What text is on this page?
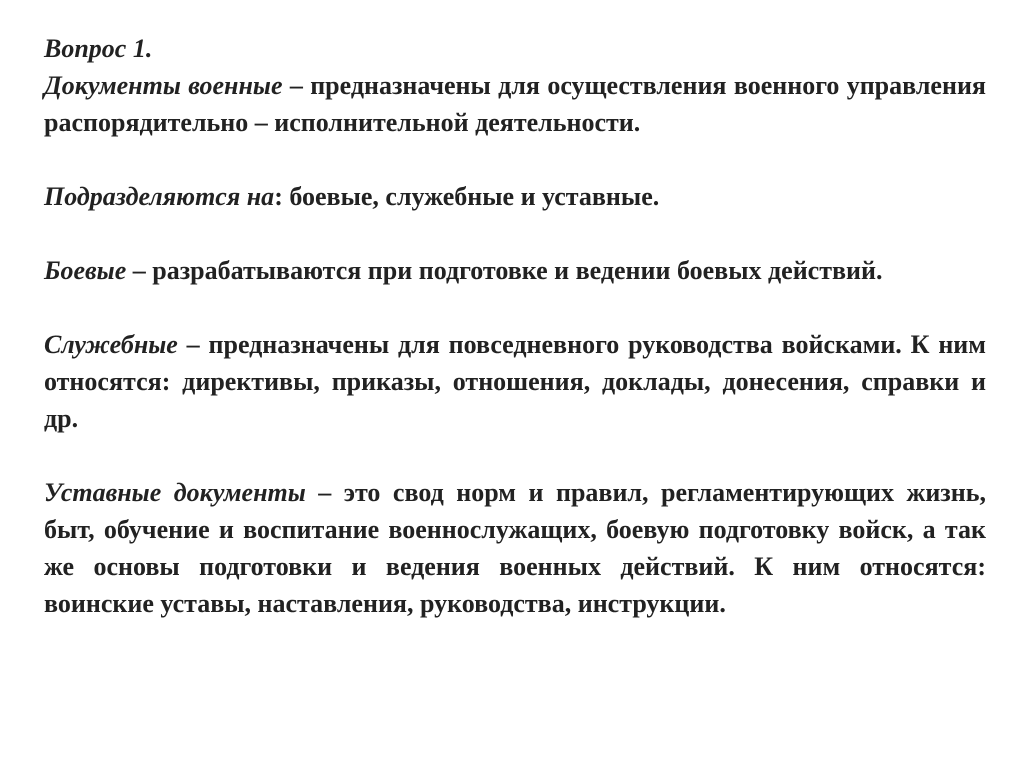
Вопрос 1.

Документы военные – предназначены для осуществления военного управления распорядительно – исполнительной деятельности.

Подразделяются на: боевые, служебные и уставные.

Боевые – разрабатываются при подготовке и ведении боевых действий.

Служебные – предназначены для повседневного руководства войсками. К ним относятся: директивы, приказы, отношения, доклады, донесения, справки и др.

Уставные документы – это свод норм и правил, регламентирующих жизнь, быт, обучение и воспитание военнослужащих, боевую подготовку войск, а так же основы подготовки и ведения военных действий. К ним относятся: воинские уставы, наставления, руководства, инструкции.
